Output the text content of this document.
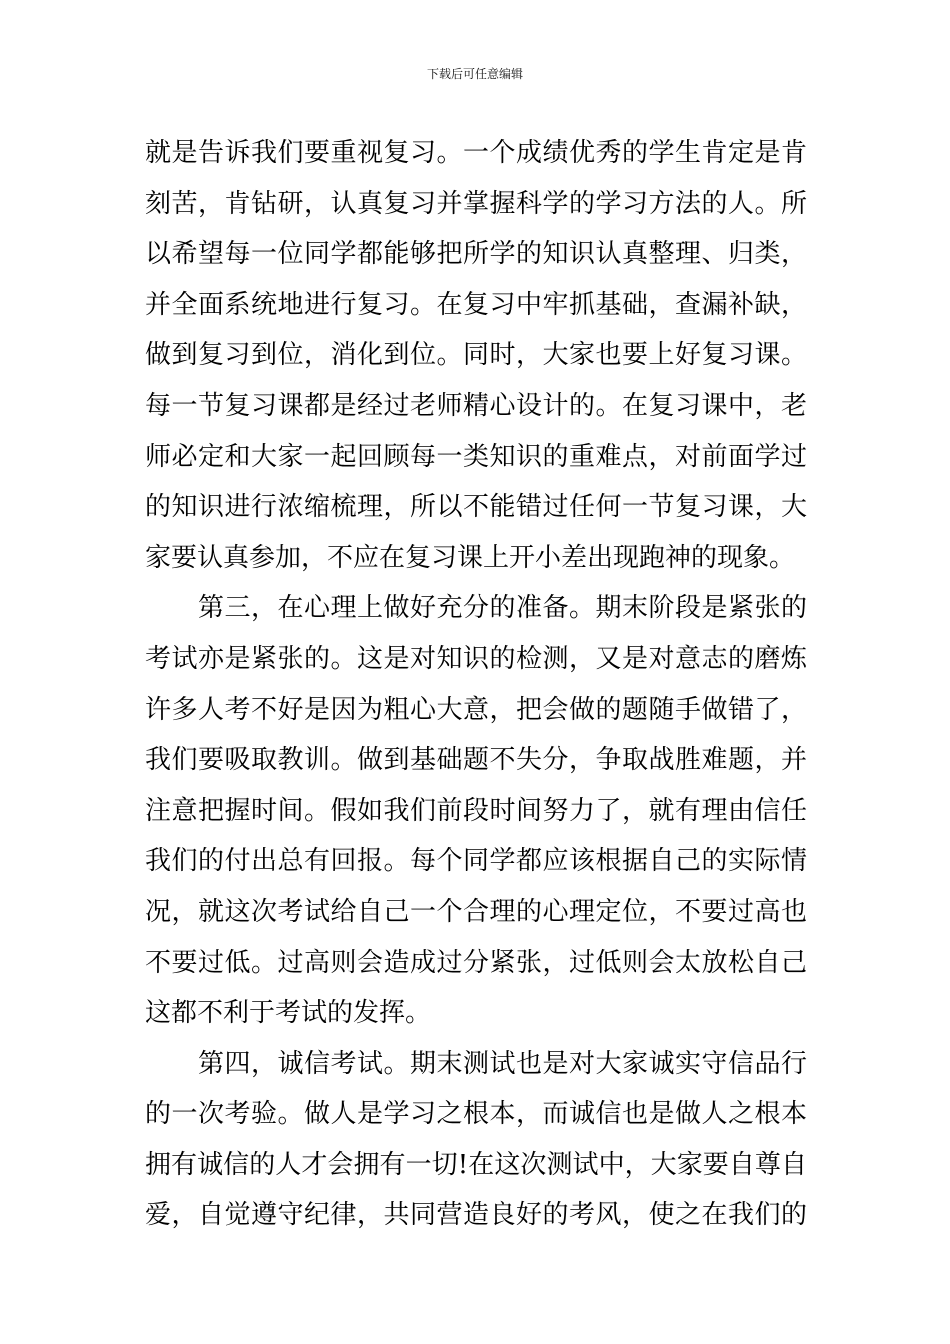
下载后可任意编辑
就是告诉我们要重视复习。一个成绩优秀的学生肯定是肯
刻苦，肯钻研，认真复习并掌握科学的学习方法的人。所
以希望每一位同学都能够把所学的知识认真整理、归类，
并全面系统地进行复习。在复习中牢抓基础，查漏补缺，
做到复习到位，消化到位。同时，大家也要上好复习课。
每一节复习课都是经过老师精心设计的。在复习课中，老
师必定和大家一起回顾每一类知识的重难点，对前面学过
的知识进行浓缩梳理，所以不能错过任何一节复习课，大
家要认真参加，不应在复习课上开小差出现跑神的现象。
　　第三，在心理上做好充分的准备。期末阶段是紧张的
考试亦是紧张的。这是对知识的检测，又是对意志的磨炼
许多人考不好是因为粗心大意，把会做的题随手做错了，
我们要吸取教训。做到基础题不失分，争取战胜难题，并
注意把握时间。假如我们前段时间努力了，就有理由信任
我们的付出总有回报。每个同学都应该根据自己的实际情
况，就这次考试给自己一个合理的心理定位，不要过高也
不要过低。过高则会造成过分紧张，过低则会太放松自己
这都不利于考试的发挥。
　　第四，诚信考试。期末测试也是对大家诚实守信品行
的一次考验。做人是学习之根本，而诚信也是做人之根本
拥有诚信的人才会拥有一切!在这次测试中，大家要自尊自
爱，自觉遵守纪律，共同营造良好的考风，使之在我们的
